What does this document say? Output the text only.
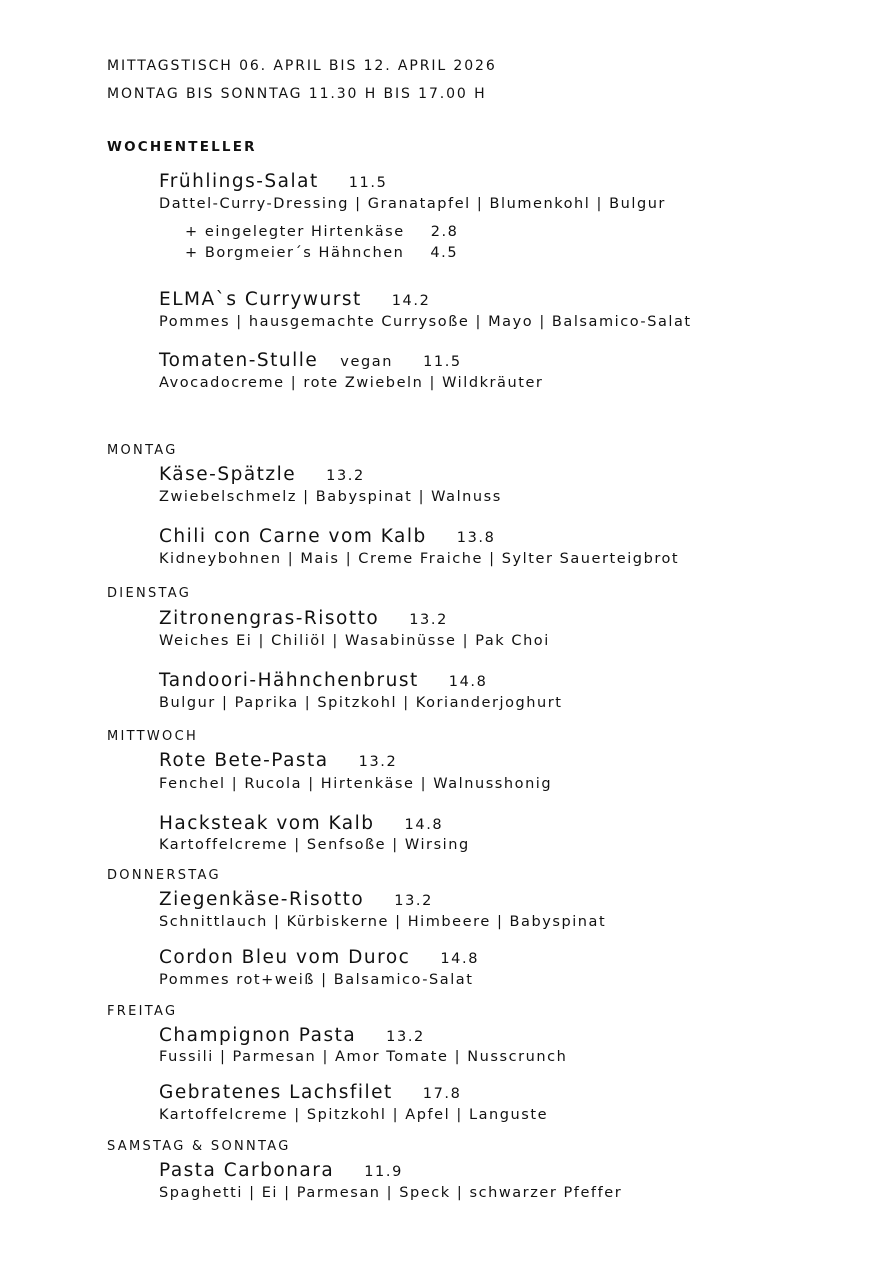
MITTAGSTISCH 06. APRIL BIS 12. APRIL 2026
MONTAG BIS SONNTAG 11.30 H BIS 17.00 H
WOCHENTELLER
Frühlings-Salat 11.5
Dattel-Curry-Dressing | Granatapfel | Blumenkohl | Bulgur
+ eingelegter Hirtenkäse 2.8
+ Borgmeier´s Hähnchen 4.5
ELMA`s Currywurst 14.2
Pommes | hausgemachte Currysoße | Mayo | Balsamico-Salat
Tomaten-Stulle vegan 11.5
Avocadocreme | rote Zwiebeln | Wildkräuter
MONTAG
Käse-Spätzle 13.2
Zwiebelschmelz | Babyspinat | Walnuss
Chili con Carne vom Kalb 13.8
Kidneybohnen | Mais | Creme Fraiche | Sylter Sauerteigbrot
DIENSTAG
Zitronengras-Risotto 13.2
Weiches Ei | Chiliöl | Wasabinüsse | Pak Choi
Tandoori-Hähnchenbrust 14.8
Bulgur | Paprika | Spitzkohl | Korianderjoghurt
MITTWOCH
Rote Bete-Pasta 13.2
Fenchel | Rucola | Hirtenkäse | Walnusshonig
Hacksteak vom Kalb 14.8
Kartoffelcreme | Senfsoße | Wirsing
DONNERSTAG
Ziegenkäse-Risotto 13.2
Schnittlauch | Kürbiskerne | Himbeere | Babyspinat
Cordon Bleu vom Duroc 14.8
Pommes rot+weiß | Balsamico-Salat
FREITAG
Champignon Pasta 13.2
Fussili | Parmesan | Amor Tomate | Nusscrunch
Gebratenes Lachsfilet 17.8
Kartoffelcreme | Spitzkohl | Apfel | Languste
SAMSTAG & SONNTAG
Pasta Carbonara 11.9
Spaghetti | Ei | Parmesan | Speck | schwarzer Pfeffer
